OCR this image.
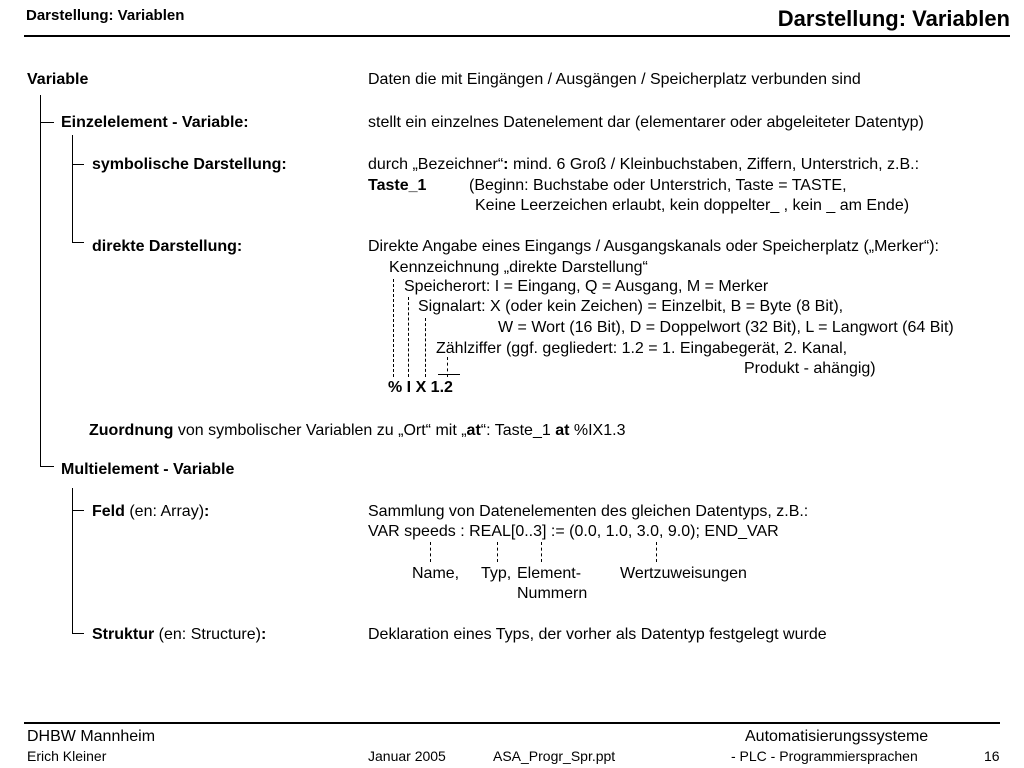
Darstellung: Variablen	Darstellung: Variablen
Variable	Daten die mit Eingängen / Ausgängen / Speicherplatz verbunden sind
Einzelelement - Variable:	stellt ein einzelnes Datenelement dar (elementarer oder abgeleiteter Datentyp)
symbolische Darstellung:	durch „Bezeichner“: mind. 6 Groß / Kleinbuchstaben, Ziffern, Unterstrich, z.B.:
Taste_1	(Beginn: Buchstabe oder Unterstrich, Taste = TASTE,
Keine Leerzeichen erlaubt, kein doppelter_ , kein _ am Ende)
direkte Darstellung:	Direkte Angabe eines Eingangs / Ausgangskanals oder Speicherplatz („Merker“):
Kennzeichnung „direkte Darstellung“
Speicherort: I = Eingang, Q = Ausgang, M = Merker
Signalart: X (oder kein Zeichen) = Einzelbit, B = Byte (8 Bit),
W = Wort (16 Bit), D = Doppelwort (32 Bit), L = Langwort (64 Bit)
Zählziffer (ggf. gegliedert: 1.2 = 1. Eingabegerät, 2. Kanal,
Produkt - ahängig)
% I X 1.2
Zuordnung von symbolischer Variablen zu „Ort“ mit „at“: Taste_1 at %IX1.3
Multielement - Variable
Feld (en: Array):	Sammlung von Datenelementen des gleichen Datentyps, z.B.:
VAR speeds : REAL[0..3] := (0.0, 1.0, 3.0, 9.0); END_VAR
Name, Typ, Element-
Nummern
Wertzuweisungen
Struktur (en: Structure):	Deklaration eines Typs, der vorher als Datentyp festgelegt wurde
DHBW Mannheim	Automatisierungssysteme
Erich Kleiner	Januar 2005	ASA_Progr_Spr.ppt	- PLC - Programmiersprachen	16
